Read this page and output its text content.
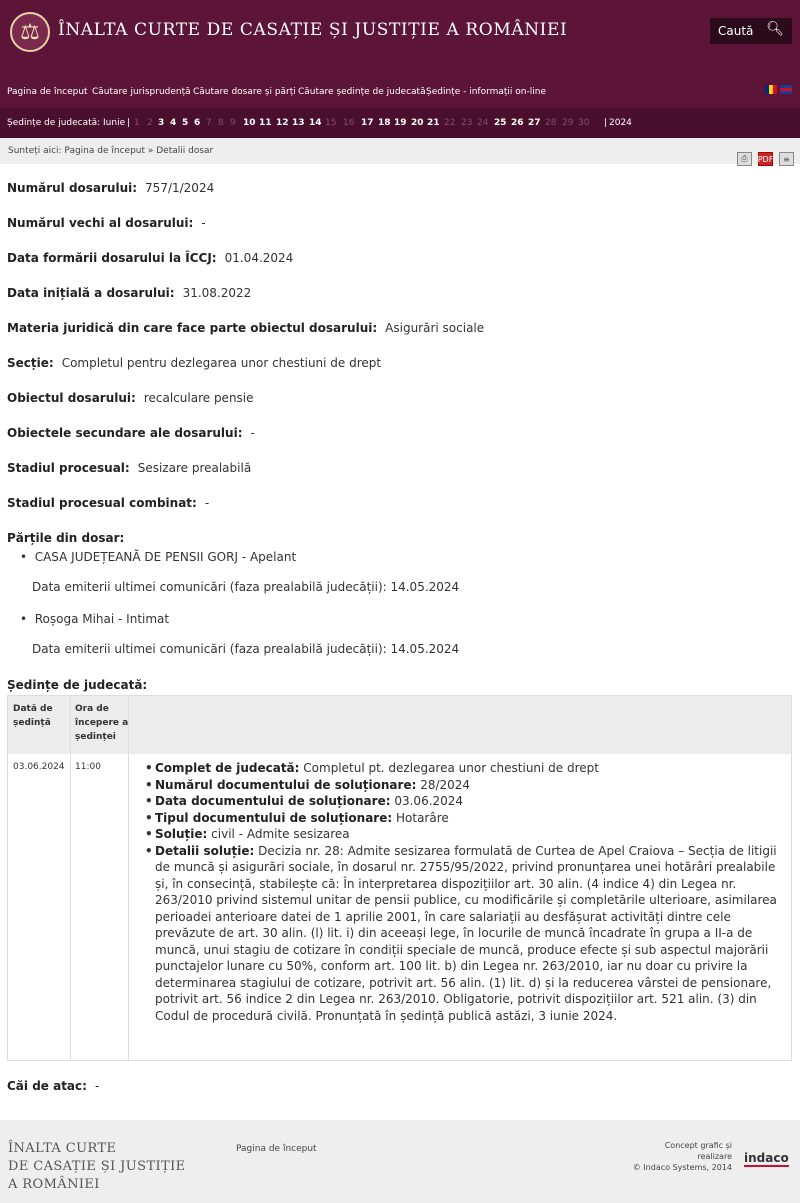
⚖	ÎNALTA CURTE DE CASAȚIE ȘI JUSTIȚIE A ROMÂNIEI	Caută 🔍︎
Pagina de început Căutare jurisprudență Căutare dosare și părți Căutare ședințe de judecată Ședințe - informații on-line
Ședințe de judecată: Iunie | 1 2 3 4 5 6 7 8 9 10 11 12 13 14 15 16 17 18 19 20 21 22 23 24 25 26 27 28 29 30 | 2024
Sunteți aici: Pagina de început » Detalii dosar
⎙	PDF	≡
Numărul dosarului: 757/1/2024
Numărul vechi al dosarului: -
Data formării dosarului la ÎCCJ: 01.04.2024
Data inițială a dosarului: 31.08.2022
Materia juridică din care face parte obiectul dosarului: Asigurări sociale
Secție: Completul pentru dezlegarea unor chestiuni de drept
Obiectul dosarului: recalculare pensie
Obiectele secundare ale dosarului: -
Stadiul procesual: Sesizare prealabilă
Stadiul procesual combinat: -
Părțile din dosar:
•  CASA JUDEȚEANĂ DE PENSII GORJ - Apelant
Data emiterii ultimei comunicări (faza prealabilă judecății): 14.05.2024
•  Roșoga Mihai - Intimat
Data emiterii ultimei comunicări (faza prealabilă judecății): 14.05.2024
Ședințe de judecată:
Dată de ședință
Ora de începere a ședinței
03.06.2024 11:00
•	Complet de judecată: Completul pt. dezlegarea unor chestiuni de drept
• Numărul documentului de soluționare: 28/2024
• Data documentului de soluționare: 03.06.2024
• Tipul documentului de soluționare: Hotarâre
• Soluție: civil - Admite sesizarea
• Detalii soluție: Decizia nr. 28: Admite sesizarea formulată de Curtea de Apel Craiova – Secția de litigii de muncă și asigurări sociale, în dosarul nr. 2755/95/2022, privind pronunțarea unei hotărâri prealabile și, în consecință, stabilește că: În interpretarea dispozițiilor art. 30 alin. (4 indice 4) din Legea nr. 263/2010 privind sistemul unitar de pensii publice, cu modificările și completările ulterioare, asimilarea perioadei anterioare datei de 1 aprilie 2001, în care salariații au desfășurat activități dintre cele prevăzute de art. 30 alin. (l) lit. i) din aceeași lege, în locurile de muncă încadrate în grupa a II-a de muncă, unui stagiu de cotizare în condiții speciale de muncă, produce efecte și sub aspectul majorării punctajelor lunare cu 50%, conform art. 100 lit. b) din Legea nr. 263/2010, iar nu doar cu privire la determinarea stagiului de cotizare, potrivit art. 56 alin. (1) lit. d) și la reducerea vârstei de pensionare, potrivit art. 56 indice 2 din Legea nr. 263/2010. Obligatorie, potrivit dispozițiilor art. 521 alin. (3) din Codul de procedură civilă. Pronunțată în ședință publică astăzi, 3 iunie 2024.
Căi de atac: -
ÎNALTA CURTE
DE CASAȚIE ȘI JUSTIȚIE
A ROMÂNIEI
Pagina de început	Concept grafic și
realizare
© Indaco Systems, 2014
indaco
